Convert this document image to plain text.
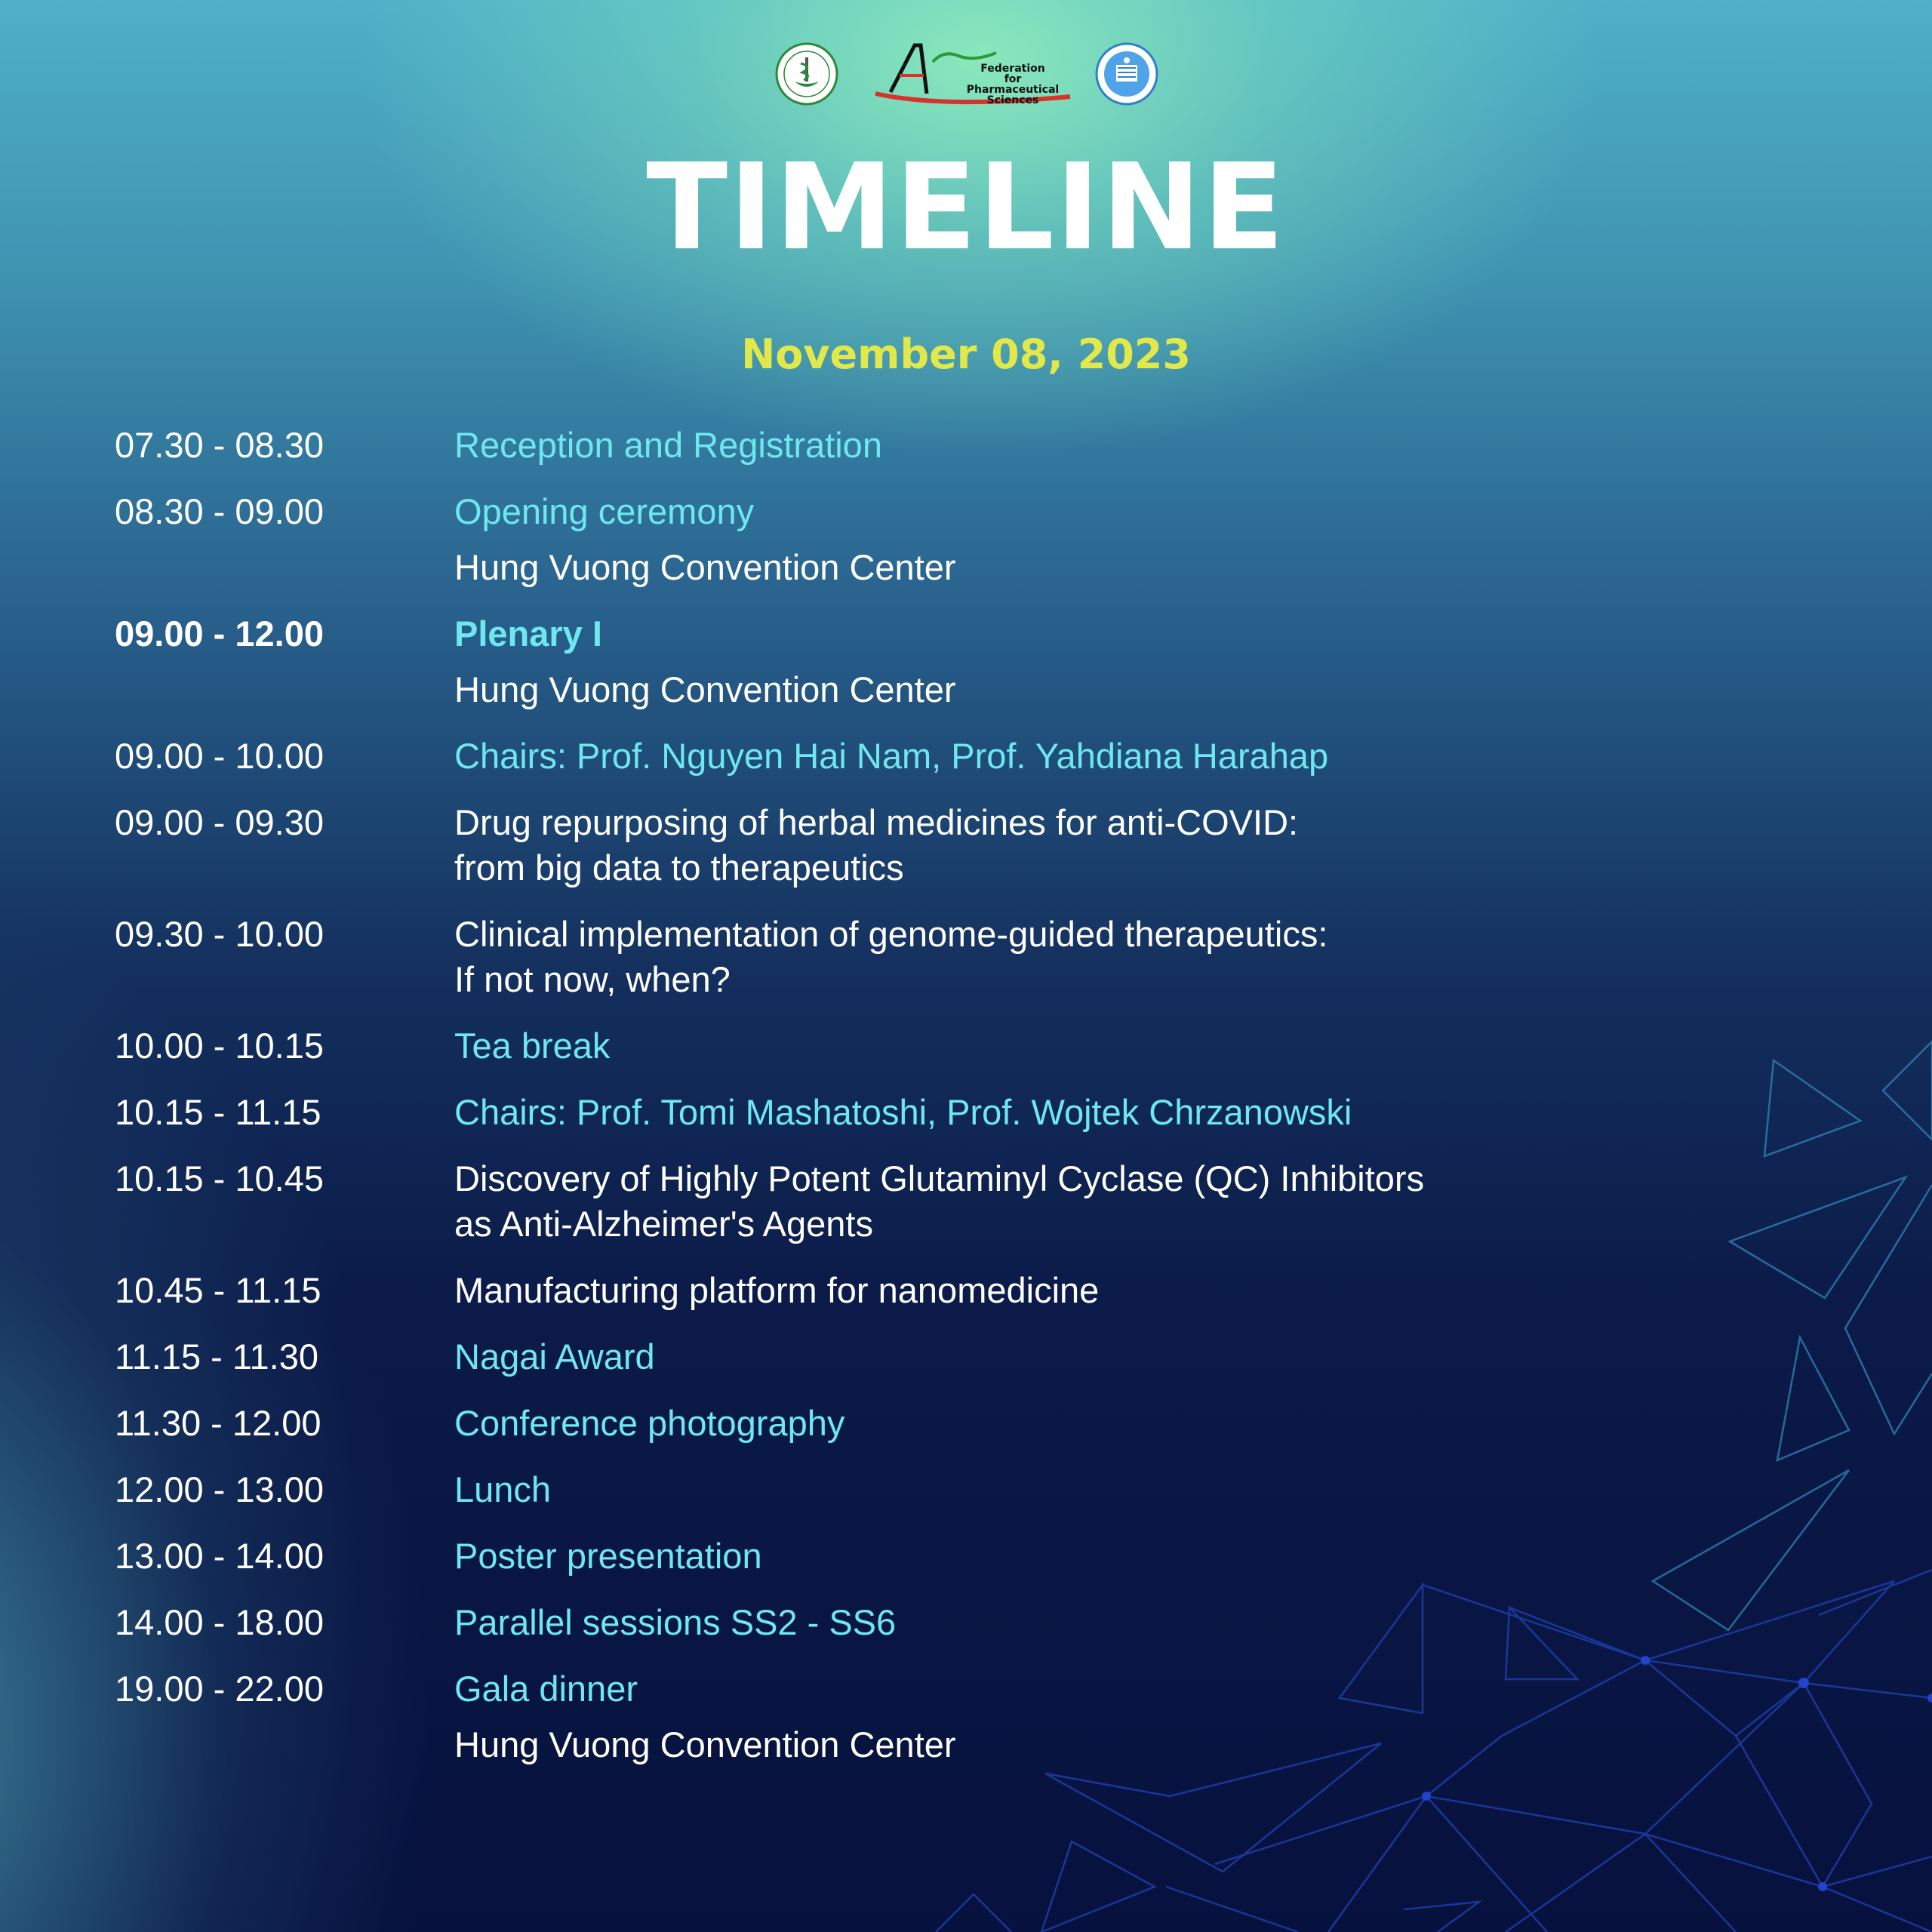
Federation
for
Pharmaceutical Sciences
TIMELINE
November 08, 2023
07.30 - 08.30	Reception and Registration
08.30 - 09.00	Opening ceremony
Hung Vuong Convention Center
09.00 - 12.00	Plenary I
Hung Vuong Convention Center
09.00 - 10.00	Chairs: Prof. Nguyen Hai Nam, Prof. Yahdiana Harahap
09.00 - 09.30	Drug repurposing of herbal medicines for anti-COVID:
from big data to therapeutics
09.30 - 10.00	Clinical implementation of genome-guided therapeutics:
If not now, when?
10.00 - 10.15	Tea break
10.15 - 11.15	Chairs: Prof. Tomi Mashatoshi, Prof. Wojtek Chrzanowski
10.15 - 10.45	Discovery of Highly Potent Glutaminyl Cyclase (QC) Inhibitors
as Anti-Alzheimer's Agents
10.45 - 11.15	Manufacturing platform for nanomedicine
11.15 - 11.30	Nagai Award
11.30 - 12.00	Conference photography
12.00 - 13.00	Lunch
13.00 - 14.00	Poster presentation
14.00 - 18.00	Parallel sessions SS2 - SS6
19.00 - 22.00	Gala dinner
Hung Vuong Convention Center
